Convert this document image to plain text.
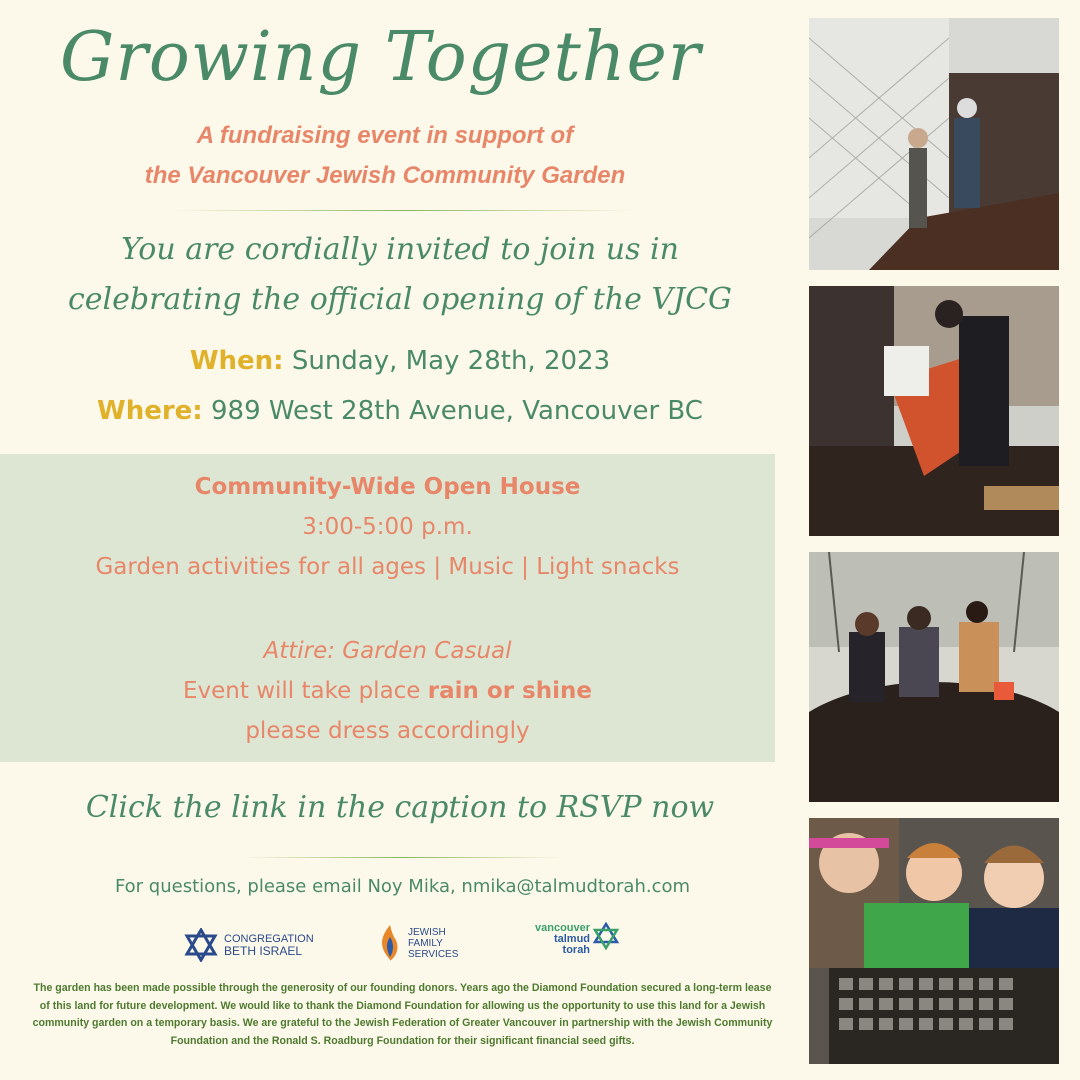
Growing Together
A fundraising event in support of
the Vancouver Jewish Community Garden
You are cordially invited to join us in
celebrating the official opening of the VJCG
When: Sunday, May 28th, 2023
Where: 989 West 28th Avenue, Vancouver BC
Community-Wide Open House
3:00-5:00 p.m.
Garden activities for all ages | Music | Light snacks
Attire: Garden Casual
Event will take place rain or shine
please dress accordingly
Click the link in the caption to RSVP now
For questions, please email Noy Mika, nmika@talmudtorah.com
CONGREGATION
BETH ISRAEL
JEWISH
FAMILY
SERVICES
vancouver
talmud
torah
The garden has been made possible through the generosity of our founding donors. Years ago the Diamond Foundation secured a long-term lease of this land for future development. We would like to thank the Diamond Foundation for allowing us the opportunity to use this land for a Jewish community garden on a temporary basis. We are grateful to the Jewish Federation of Greater Vancouver in partnership with the Jewish Community Foundation and the Ronald S. Roadburg Foundation for their significant financial seed gifts.
